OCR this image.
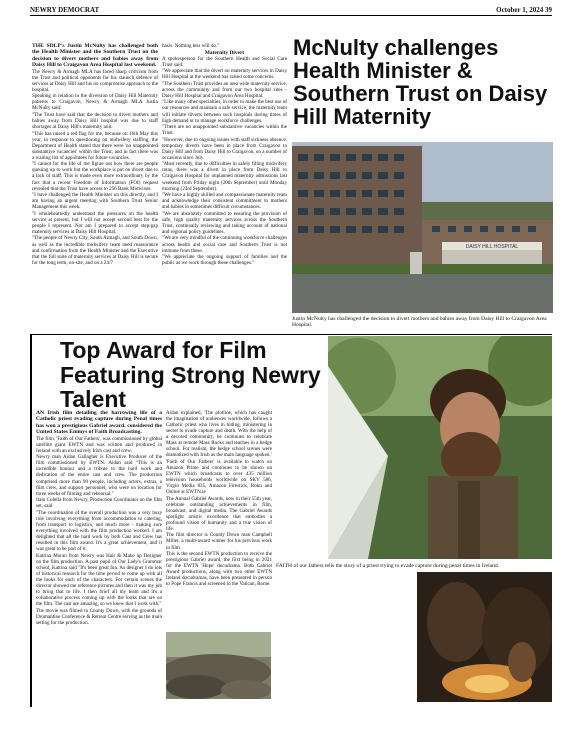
NEWRY DEMOCRAT	October 1, 2024 39

THE SDLP's Justin McNulty has challenged both the Health Minister and the Southern Trust on the decision to divert mothers and babies away from Daisy Hill to Craigavon Area Hospital last weekend.

The Newry & Armagh MLA has faced sharp criticism from the Trust and political opponents for his staunch defence of services at Daisy Hill and his no compromise approach to the hospital.

Speaking in relation to the diversion of Daisy Hill Maternity patients to Craigavon, Newry & Armagh MLA Justin McNulty said:

"The Trust have said that the decision to divert mothers and babies away from Daisy Hill hospital was due to staff shortages at Daisy Hill's maternity unit.

"This has raised a red flag for me, because on 16th May this year, in response to questioning on midwifery staffing, the Department of Health stated that there were 'no unappointed substantive vacancies' within the Trust, and in fact there was a waiting list of appointees for future vacancies.

"I cannot for the life of me figure out how there are people queuing up to work but the workplace is put on divert due to a lack of staff. This is made even more extraordinary by the fact that a recent Freedom of Information (FOI) request revealed that the Trust have access to 256 Bank Midwives.

"I have challenged the Health Minister on this directly, and I am having an urgent meeting with Southern Trust Senior Management this week.

"I wholeheartedly understand the pressures on the health service at present, but I will not accept second best for the people I represent. Nor am I prepared to accept step/gap maternity services at Daisy Hill Hospital.

"The people of Newry City, South Armagh, and South Down, as well as the incredible midwifery team need reassurance and confirmation from the Health Minister and the Executive that the full suite of maternity services at Daisy Hill is secure for the long term, on-site, and on a 24/7

basis. Nothing less will do."

Maternity Divert

A spokesperson for the Southern Health and Social Care Trust said:

"We appreciate that the divert on maternity services in Daisy Hill Hospital at the weekend has raised some concerns.

"The Southern Trust provides an area wide maternity service, across the community and from our two hospital sites - Daisy Hill Hospital and Craigavon Area Hospital.

"Like many other specialties, in order to make the best use of our resources and maintain a safe service, the maternity team will initiate diverts between such hospitals during times of high demand or to manage workforce challenges.

"There are no unappointed substantive vacancies within the Trust.

"However, due to ongoing issues with staff sickness absence, temporary diverts have been in place from Craigavon to Daisy Hill and from Daisy Hill to Craigavon, on a number of occasions since July.

"Most recently, due to difficulties in safely filling midwifery rotas, there was a divert in place from Daisy Hill to Craigavon Hospital for unplanned maternity admissions last weekend from Friday night (20th September) until Monday morning (23rd September).

"We have a highly skilled and compassionate maternity team and acknowledge their consistent commitment to mothers and babies in sometimes difficult circumstances.

"We are absolutely committed to ensuring the provision of safe, high quality maternity services across the Southern Trust, continually reviewing and taking account of national and regional policy guidelines.

"We are very mindful of the continuing workforce challenges across health and social care and Southern Trust is not immune from these.

"We appreciate the ongoing support of families and the public as we work through these challenges."

McNulty challenges Health Minister & Southern Trust on Daisy Hill Maternity
DAISY HILL HOSPITAL
Justin McNulty has challenged the decision to divert mothers and babies away from Daisy Hill to Craigavon Area Hospital.
Top Award for Film Featuring Strong Newry Talent

AN Irish film detailing the harrowing life of a Catholic priest evading capture during Penal times has won a prestigious Gabriel award, considered the United States Emmys of Faith Broadcasting.

The film, 'Faith of Our Fathers', was commissioned by global satellite giant EWTN and was written and produced in Ireland with an exclusively Irish cast and crew.

Newry man Aidan Gallagher is Executive Producer of the film commissioned by EWTN. Aidan said "This is an incredible honour and a tribute to the hard work and dedication of the entire cast and crew. The production comprised more than 90 people, including actors, extras, a film crew, and support personnel, who were on location for three weeks of filming and rehearsal."

Italo Colella from Newry, Production Coordinator on the film set, said

"The coordination of the overall production was a very busy role involving everything from accommodation to catering, from transport to logistics, and much more - making sure everything involved with the film production worked. I am delighted that all the hard work by both Cast and Crew has resulted in this film award. It's a great achievement, and it was great to be part of it.

Katrina Moran from Newry was Hair & Make up Designer on the film production. A past pupil of Our Lady's Grammar school, Katrina said "It's been great fun. As designer I do lots of historical research for the time period to come up with all the looks for each of the characters. For certain scenes the director showed me reference pictures and then it was my job to bring that to life. I then brief all my team and it's a collaborative process coming up with the looks that are on the film. The cast are amazing, so we knew that I work with."

The movie was filmed in County Down, with the grounds of Dromantine Conference & Retreat Centre serving as the main setting for the production.

Aidan explained, 'The plotline, which has caught the imagination of audiences worldwide, follows a Catholic priest who lives in hiding, ministering in secret to evade capture and death. With the help of a devoted community, he continues to celebrate Mass at remote Mass Rocks and teaches in a hedge school. For realism, the hedge school scenes were dramatized with Irish as the main language spoken.'

'Faith of Our Fathers' is available to watch on Amazon Prime and continues to be shown on EWTN which broadcasts to over 435 million television households worldwide on SKY 586, Virgin Media 835, Amazon Firestick, Roku and Online at EWTN.ie

The Annual Gabriel Awards, now in their 55th year, celebrate outstanding achievements in film, broadcast, and digital media. The Gabriel Awards spotlight artistic excellence that embodies a profound vision of humanity and a true vision of life.

The film director is County Down man Campbell Miller, a multi-award winner for his previous work in film.

This is the second EWTN production to receive the prestigious Gabriel award, the first being in 2021 for the EWTN 'Hope' docudrama. Both Gabriel Award productions, along with two other EWTN Ireland docudramas, have been presented in person to Pope Francis and screened in the Vatican, Rome.

FAITH of our fathers tells the story of a priest trying to evade capture during penal times in Ireland.
